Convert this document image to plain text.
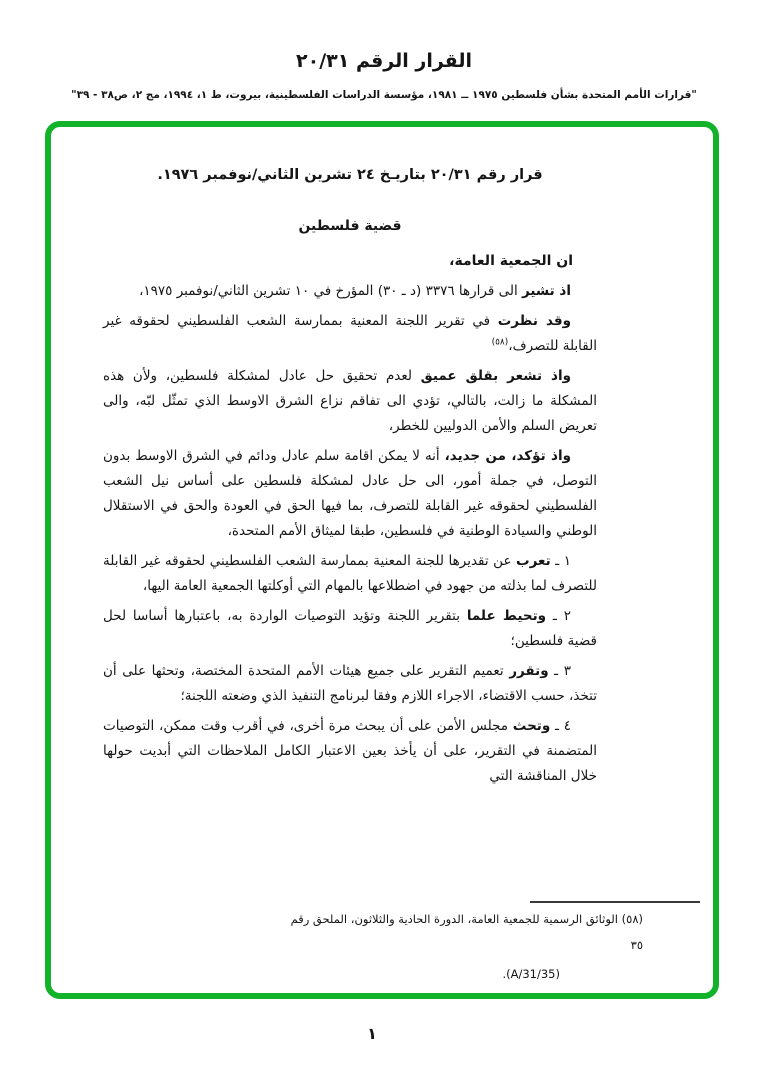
القرار الرقم ٢٠/٣١
"قرارات الأمم المتحدة بشأن فلسطين ١٩٧٥ ــ ١٩٨١، مؤسسة الدراسات الفلسطينية، بيروت، ط ١، ١٩٩٤، مج ٢، ص٣٨ - ٣٩"
قرار رقم ٢٠/٣١ بتاريـخ ٢٤ تشرين الثاني/نوفمبر ١٩٧٦.
قضية فلسطين
ان الجمعية العامة،

اذ تشير الى قرارها ٣٣٧٦ (د ـ ٣٠) المؤرخ في ١٠ تشرين الثاني/نوفمبر ١٩٧٥،

وقد نظرت في تقرير اللجنة المعنية بممارسة الشعب الفلسطيني لحقوقه غير القابلة للتصرف،$^{(٥٨)}$

واذ تشعر بقلق عميق لعدم تحقيق حل عادل لمشكلة فلسطين، ولأن هذه المشكلة ما زالت، بالتالي، تؤدي الى تفاقم نزاع الشرق الاوسط الذي تمثّل لبّه، والى تعريض السلم والأمن الدوليين للخطر،

واذ تؤكد، من جديد، أنه لا يمكن اقامة سلم عادل ودائم في الشرق الاوسط بدون التوصل، في جملة أمور، الى حل عادل لمشكلة فلسطين على أساس نيل الشعب الفلسطيني لحقوقه غير القابلة للتصرف، بما فيها الحق في العودة والحق في الاستقلال الوطني والسيادة الوطنية في فلسطين، طبقا لميثاق الأمم المتحدة،

١ ـ تعرب عن تقديرها للجنة المعنية بممارسة الشعب الفلسطيني لحقوقه غير القابلة للتصرف لما بذلته من جهود في اضطلاعها بالمهام التي أوكلتها الجمعية العامة اليها،

٢ ـ وتحيط علما بتقرير اللجنة وتؤيد التوصيات الواردة به، باعتبارها أساسا لحل قضية فلسطين؛

٣ ـ وتقرر تعميم التقرير على جميع هيئات الأمم المتحدة المختصة، وتحثها على أن تتخذ، حسب الاقتضاء، الاجراء اللازم وفقا لبرنامج التنفيذ الذي وضعته اللجنة؛

٤ ـ وتحث مجلس الأمن على أن يبحث مرة أخرى، في أقرب وقت ممكن، التوصيات المتضمنة في التقرير، على أن يأخذ بعين الاعتبار الكامل الملاحظات التي أبديت حولها خلال المناقشة التي

(٥٨) الوثائق الرسمية للجمعية العامة، الدورة الحادية والثلاثون، الملحق رقم ٣٥
(A/31/35).
١
